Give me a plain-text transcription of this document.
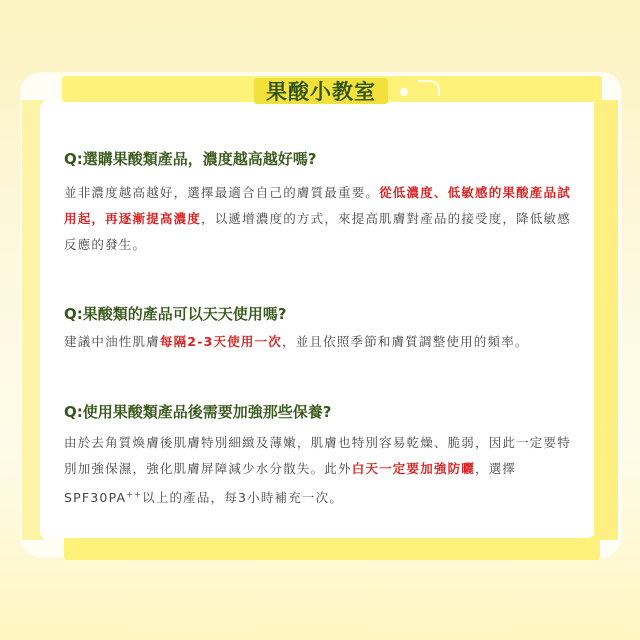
果酸小教室
Q:選購果酸類產品，濃度越高越好嗎?
並非濃度越高越好，選擇最適合自己的膚質最重要。從低濃度、低敏感的果酸產品試用起，再逐漸提高濃度，以遞增濃度的方式，來提高肌膚對產品的接受度，降低敏感反應的發生。
Q:果酸類的產品可以天天使用嗎?
建議中油性肌膚每隔2-3天使用一次，並且依照季節和膚質調整使用的頻率。
Q:使用果酸類產品後需要加強那些保養?
由於去角質煥膚後肌膚特別細緻及薄嫩，肌膚也特別容易乾燥、脆弱，因此一定要特別加強保濕，強化肌膚屏障減少水分散失。此外白天一定要加強防曬，選擇SPF30PA++以上的產品，每3小時補充一次。
